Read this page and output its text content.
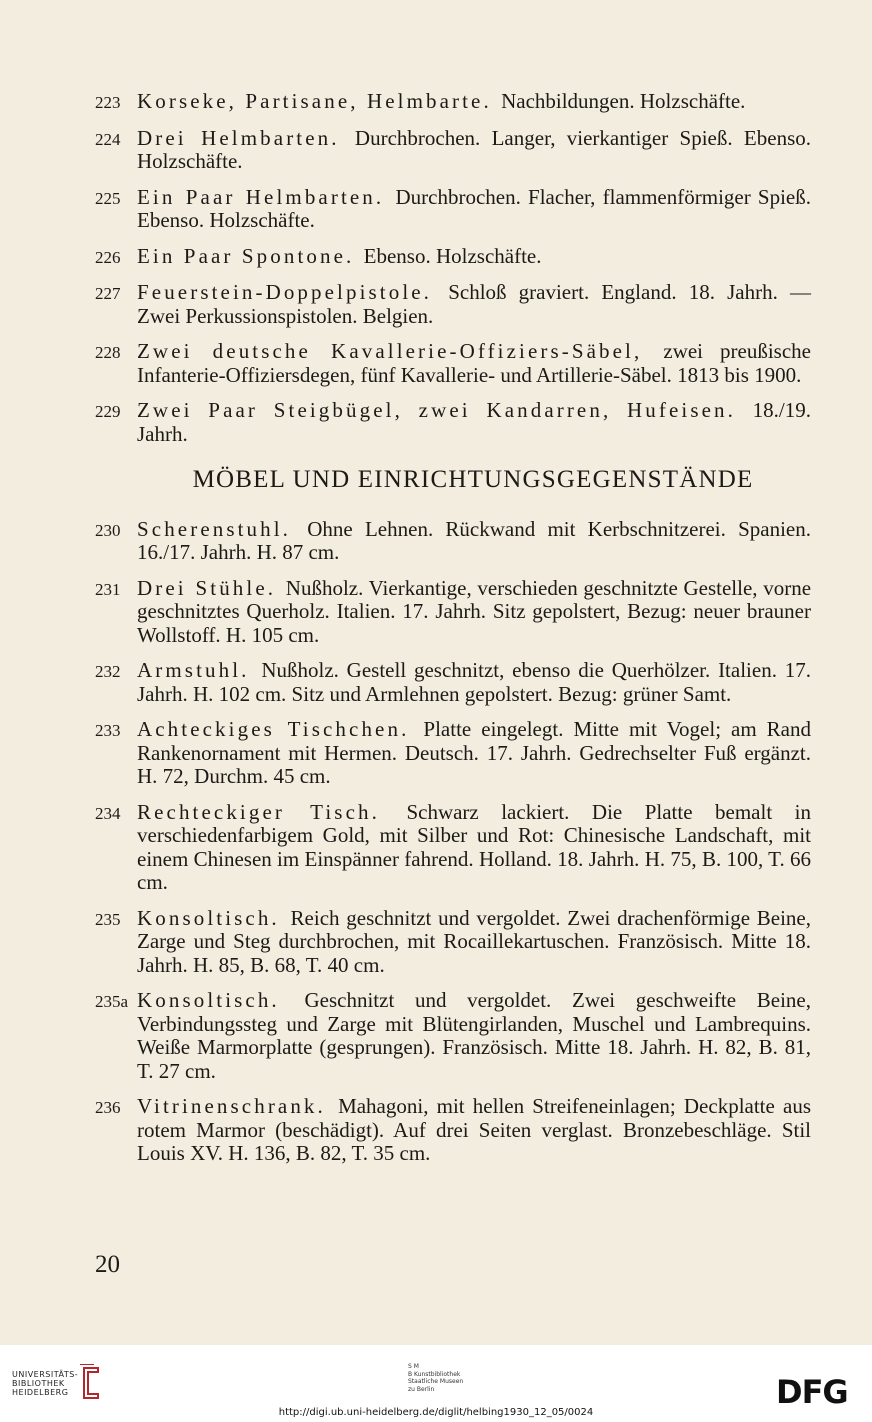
223 Korseke, Partisane, Helmbarte. Nachbildungen. Holzschäfte.
224 Drei Helmbarten. Durchbrochen. Langer, vierkantiger Spieß. Ebenso. Holzschäfte.
225 Ein Paar Helmbarten. Durchbrochen. Flacher, flammenförmiger Spieß. Ebenso. Holzschäfte.
226 Ein Paar Spontone. Ebenso. Holzschäfte.
227 Feuerstein-Doppelpistole. Schloß graviert. England. 18. Jahrh. — Zwei Perkussionspistolen. Belgien.
228 Zwei deutsche Kavallerie-Offiziers-Säbel, zwei preußische Infanterie-Offiziersdegen, fünf Kavallerie- und Artillerie-Säbel. 1813 bis 1900.
229 Zwei Paar Steigbügel, zwei Kandarren, Hufeisen. 18./19. Jahrh.
MÖBEL UND EINRICHTUNGSGEGENSTÄNDE
230 Scherenstuhl. Ohne Lehnen. Rückwand mit Kerbschnitzerei. Spanien. 16./17. Jahrh. H. 87 cm.
231 Drei Stühle. Nußholz. Vierkantige, verschieden geschnitzte Gestelle, vorne geschnitztes Querholz. Italien. 17. Jahrh. Sitz gepolstert, Bezug: neuer brauner Wollstoff. H. 105 cm.
232 Armstuhl. Nußholz. Gestell geschnitzt, ebenso die Querhölzer. Italien. 17. Jahrh. H. 102 cm. Sitz und Armlehnen gepolstert. Bezug: grüner Samt.
233 Achteckiges Tischchen. Platte eingelegt. Mitte mit Vogel; am Rand Rankenornament mit Hermen. Deutsch. 17. Jahrh. Gedrechselter Fuß ergänzt. H. 72, Durchm. 45 cm.
234 Rechteckiger Tisch. Schwarz lackiert. Die Platte bemalt in verschiedenfarbigem Gold, mit Silber und Rot: Chinesische Landschaft, mit einem Chinesen im Einspänner fahrend. Holland. 18. Jahrh. H. 75, B. 100, T. 66 cm.
235 Konsoltisch. Reich geschnitzt und vergoldet. Zwei drachenförmige Beine, Zarge und Steg durchbrochen, mit Rocaillekartuschen. Französisch. Mitte 18. Jahrh. H. 85, B. 68, T. 40 cm.
235a Konsoltisch. Geschnitzt und vergoldet. Zwei geschweifte Beine, Verbindungssteg und Zarge mit Blütengirlanden, Muschel und Lambrequins. Weiße Marmorplatte (gesprungen). Französisch. Mitte 18. Jahrh. H. 82, B. 81, T. 27 cm.
236 Vitrinenschrank. Mahagoni, mit hellen Streifeneinlagen; Deckplatte aus rotem Marmor (beschädigt). Auf drei Seiten verglast. Bronzebeschläge. Stil Louis XV. H. 136, B. 82, T. 35 cm.
20
UNIVERSITÄTS-
BIBLIOTHEK
HEIDELBERG
S M
B Kunstbibliothek
Staatliche Museen
zu Berlin	DFG
http://digi.ub.uni-heidelberg.de/diglit/helbing1930_12_05/0024
